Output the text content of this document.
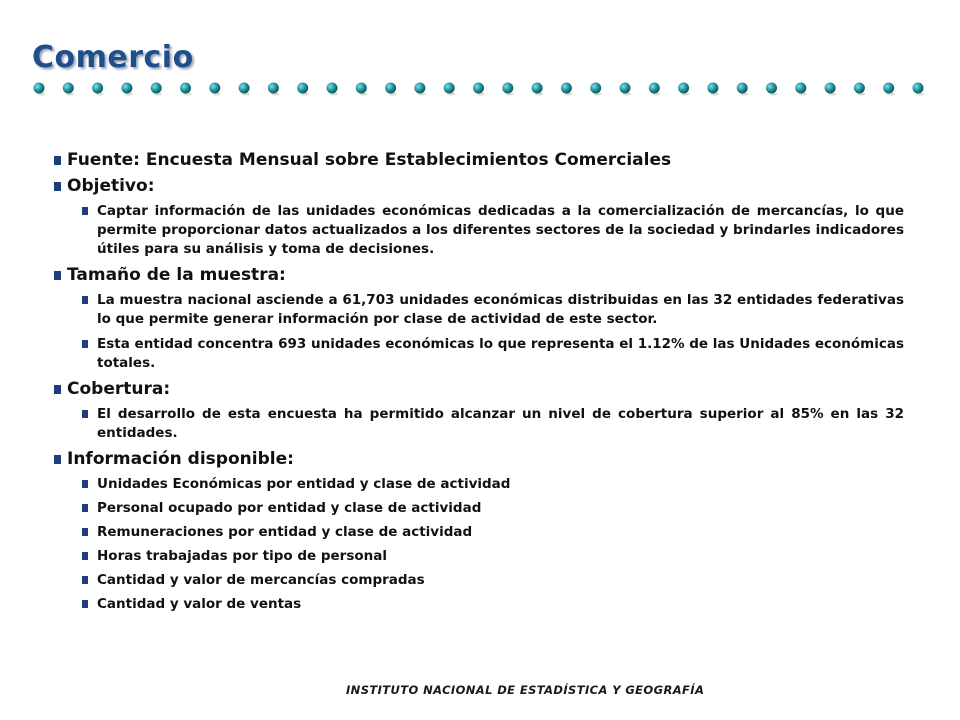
Comercio
Fuente: Encuesta Mensual sobre Establecimientos Comerciales
Objetivo:
Captar información de las unidades económicas dedicadas a la comercialización de mercancías, lo que permite proporcionar datos actualizados a los diferentes sectores de la sociedad y brindarles indicadores útiles para su análisis y toma de decisiones.
Tamaño de la muestra:
La muestra nacional asciende a 61,703 unidades económicas distribuidas en las 32 entidades federativas lo que permite generar información por clase de actividad de este sector.
Esta entidad concentra 693 unidades económicas lo que representa el 1.12% de las Unidades económicas totales.
Cobertura:
El desarrollo de esta encuesta ha permitido alcanzar un nivel de cobertura superior al 85% en las 32 entidades.
Información disponible:
Unidades Económicas por entidad y clase de actividad
Personal ocupado por entidad y clase de actividad
Remuneraciones por entidad y clase de actividad
Horas trabajadas por tipo de personal
Cantidad y valor de mercancías compradas
Cantidad y valor de ventas
INSTITUTO NACIONAL DE ESTADÍSTICA Y GEOGRAFÍA
